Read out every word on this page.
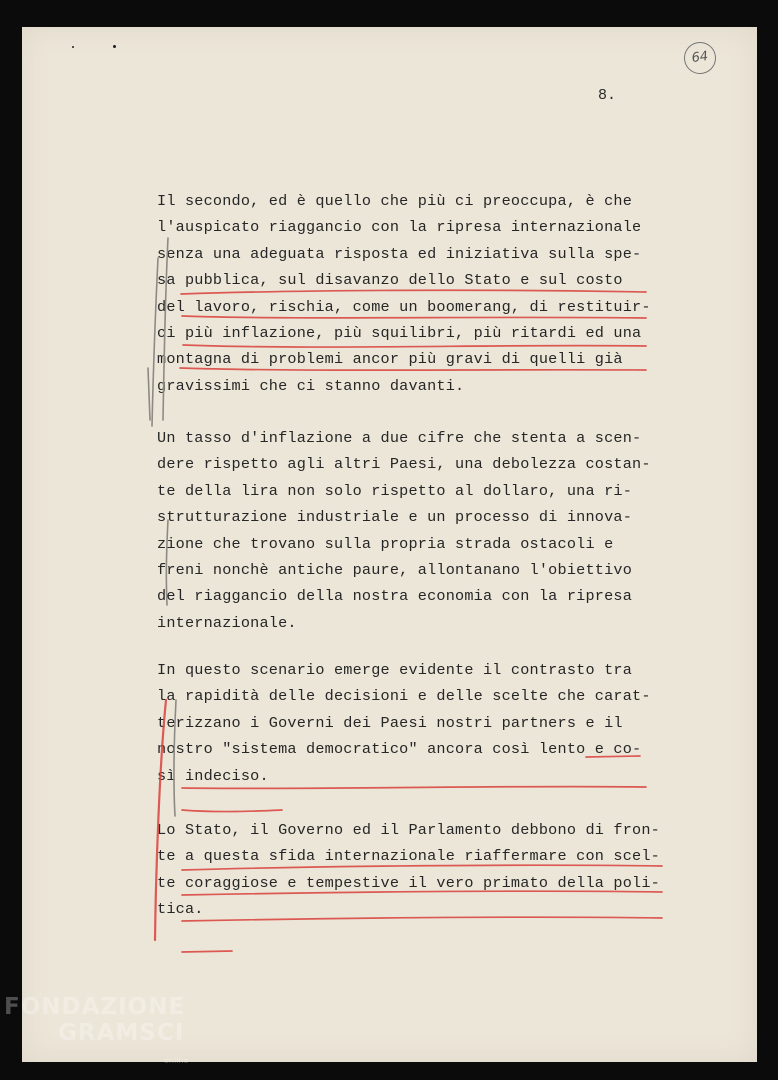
64
8.
Il secondo, ed è quello che più ci preoccupa, è che
l'auspicato riaggancio con la ripresa internazionale
senza una adeguata risposta ed iniziativa sulla spe-
sa pubblica, sul disavanzo dello Stato e sul costo
del lavoro, rischia, come un boomerang, di restituir-
ci più inflazione, più squilibri, più ritardi ed una
montagna di problemi ancor più gravi di quelli già
gravissimi che ci stanno davanti.
Un tasso d'inflazione a due cifre che stenta a scen-
dere rispetto agli altri Paesi, una debolezza costan-
te della lira non solo rispetto al dollaro, una ri-
strutturazione industriale e un processo di innova-
zione che trovano sulla propria strada ostacoli e
freni nonchè antiche paure, allontanano l'obiettivo
del riaggancio della nostra economia con la ripresa
internazionale.
In questo scenario emerge evidente il contrasto tra
la rapidità delle decisioni e delle scelte che carat-
terizzano i Governi dei Paesi nostri partners e il
nostro "sistema democratico" ancora così lento e co-
sì indeciso.
Lo Stato, il Governo ed il Parlamento debbono di fron-
te a questa sfida internazionale riaffermare con scel-
te coraggiose e tempestive il vero primato della poli-
tica.
FONDAZIONE
GRAMSCI
online
